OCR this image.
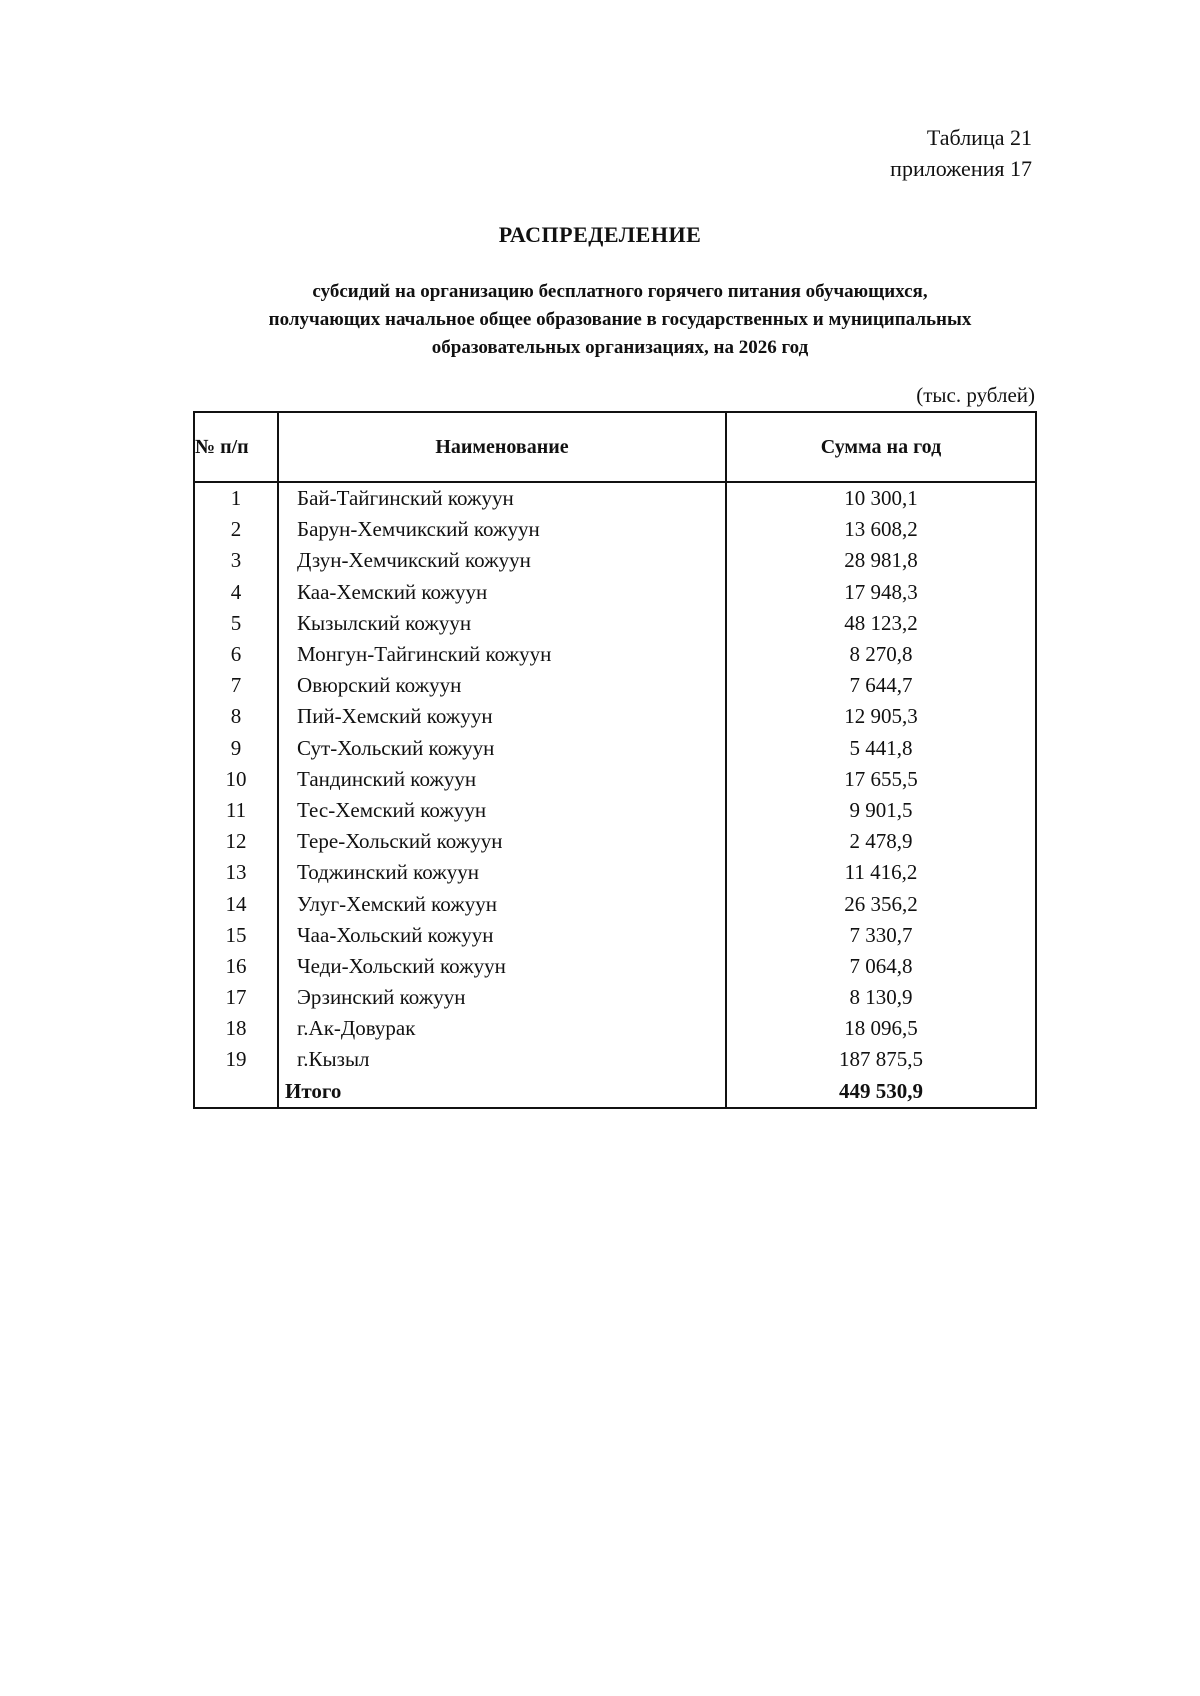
Таблица 21
приложения 17
РАСПРЕДЕЛЕНИЕ
субсидий на организацию бесплатного горячего питания обучающихся,
получающих начальное общее образование в государственных и муниципальных
образовательных организациях, на 2026 год
(тыс. рублей)
№ п/п	Наименование	Сумма на год
1	Бай-Тайгинский кожуун	10 300,1
2	Барун-Хемчикский кожуун	13 608,2
3	Дзун-Хемчикский кожуун	28 981,8
4	Каа-Хемский кожуун	17 948,3
5	Кызылский кожуун	48 123,2
6	Монгун-Тайгинский кожуун	8 270,8
7	Овюрский кожуун	7 644,7
8	Пий-Хемский кожуун	12 905,3
9	Сут-Хольский кожуун	5 441,8
10	Тандинский кожуун	17 655,5
11	Тес-Хемский кожуун	9 901,5
12	Тере-Хольский кожуун	2 478,9
13	Тоджинский кожуун	11 416,2
14	Улуг-Хемский кожуун	26 356,2
15	Чаа-Хольский кожуун	7 330,7
16	Чеди-Хольский кожуун	7 064,8
17	Эрзинский кожуун	8 130,9
18	г.Ак-Довурак	18 096,5
19	г.Кызыл	187 875,5
	Итого	449 530,9
